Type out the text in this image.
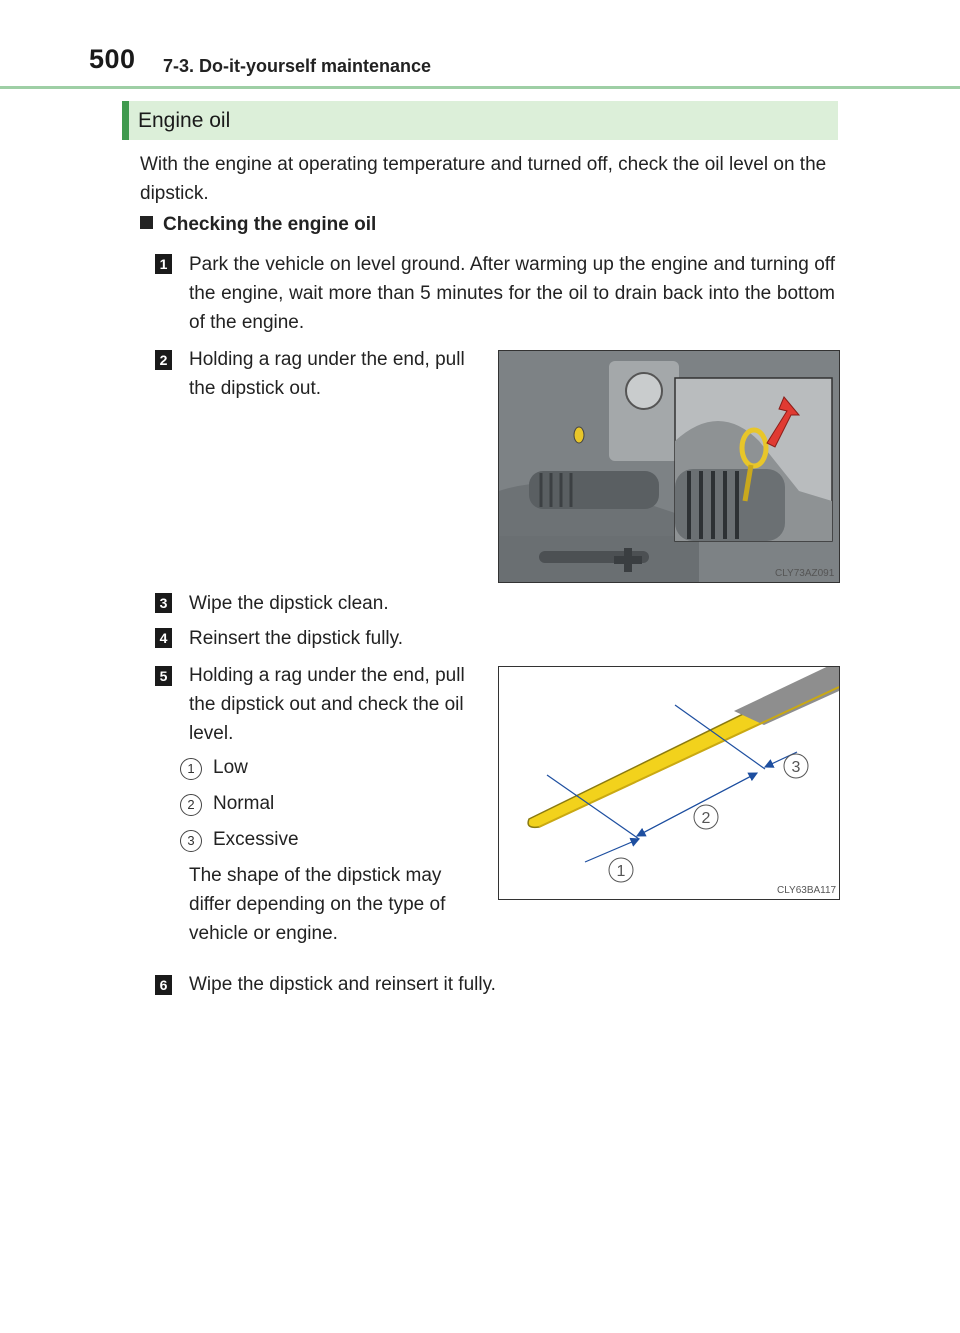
500 7-3. Do-it-yourself maintenance
Engine oil
With the engine at operating temperature and turned off, check the oil level on the dipstick.
Checking the engine oil
1 Park the vehicle on level ground. After warming up the engine and turning off the engine, wait more than 5 minutes for the oil to drain back into the bottom of the engine.
2 Holding a rag under the end, pull the dipstick out.
CLY73AZ091
3 Wipe the dipstick clean.
4 Reinsert the dipstick fully.
5 Holding a rag under the end, pull the dipstick out and check the oil level.
1 Low
2 Normal
3 Excessive
The shape of the dipstick may differ depending on the type of vehicle or engine.
1
2
3
CLY63BA117
6 Wipe the dipstick and reinsert it fully.
